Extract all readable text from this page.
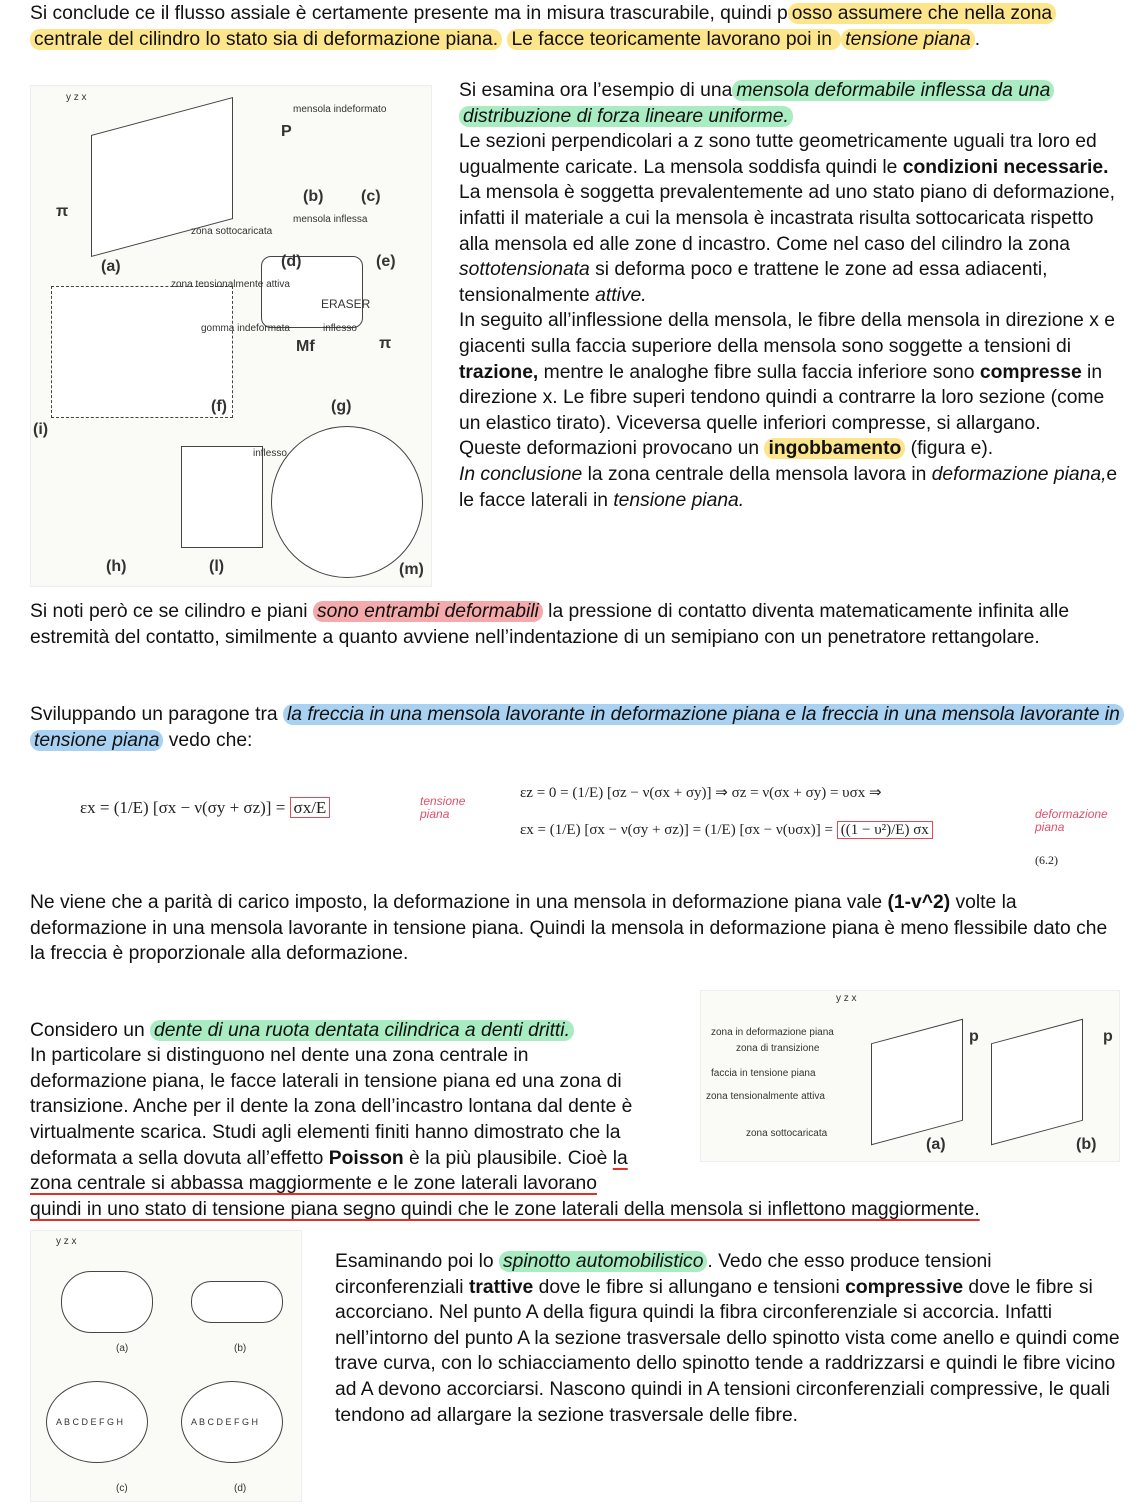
Si conclude ce il flusso assiale è certamente presente ma in misura trascurabile, quindi p osso assumere che nella zona centrale del cilindro lo stato sia di deformazione piana. Le facce teoricamente lavorano poi in tensione piana .
y z x
mensola indeformato
mensola inflessa
zona sottocaricata
zona tensionalmente attiva
gomma indeformata	inflesso
inflesso
ERASER
π
π
P
Mf
(a)
(b) (c)
(d)	(e)
(f)	(g)
(h)
(i)
(l)	(m)
Si esamina ora l’esempio di una mensola deformabile inflessa da una distribuzione di forza lineare uniforme.
Le sezioni perpendicolari a z sono tutte geometricamente uguali tra loro ed ugualmente caricate. La mensola soddisfa quindi le condizioni necessarie.
La mensola è soggetta prevalentemente ad uno stato piano di deformazione, infatti il materiale a cui la mensola è incastrata risulta sottocaricata rispetto alla mensola ed alle zone d incastro. Come nel caso del cilindro la zona sottotensionata si deforma poco e trattene le zone ad essa adiacenti, tensionalmente attive.
In seguito all’inflessione della mensola, le fibre della mensola in direzione x e giacenti sulla faccia superiore della mensola sono soggette a tensioni di trazione, mentre le analoghe fibre sulla faccia inferiore sono compresse in direzione x. Le fibre superi tendono quindi a contrarre la loro sezione (come un elastico tirato). Viceversa quelle inferiori compresse, si allargano.
Queste deformazioni provocano un ingobbamento (figura e).
In conclusione la zona centrale della mensola lavora in deformazione piana,e le facce laterali in tensione piana.
Si noti però ce se cilindro e piani sono entrambi deformabili la pressione di contatto diventa matematicamente infinita alle estremità del contatto, similmente a quanto avviene nell’indentazione di un semipiano con un penetratore rettangolare.
Sviluppando un paragone tra la freccia in una mensola lavorante in deformazione piana e la freccia in una mensola lavorante in tensione piana vedo che:
εx = (1/E) [σx − ν(σy + σz)] = σx/E	tensione
piana
εz = 0 = (1/E) [σz − ν(σx + σy)] ⇒ σz = ν(σx + σy) = υσx ⇒
εx = (1/E) [σx − ν(σy + σz)] = (1/E) [σx − ν(υσx)] = ((1 − υ²)/E) σx
deformazione
piana
(6.2)
Ne viene che a parità di carico imposto, la deformazione in una mensola in deformazione piana vale (1-v^2) volte la deformazione in una mensola lavorante in tensione piana. Quindi la mensola in deformazione piana è meno flessibile dato che la freccia è proporzionale alla deformazione.
y z x
zona in deformazione piana
zona di transizione
faccia in tensione piana
zona tensionalmente attiva
zona sottocaricata
p	p
(a)	(b)

Considero un dente di una ruota dentata cilindrica a denti dritti.
In particolare si distinguono nel dente una zona centrale in deformazione piana, le facce laterali in tensione piana ed una zona di transizione. Anche per il dente la zona dell’incastro lontana dal dente è virtualmente scarica. Studi agli elementi finiti hanno dimostrato che la deformata a sella dovuta all’effetto Poisson è la più plausibile. Cioè la zona centrale si abbassa maggiormente e le zone laterali lavorano quindi in uno stato di tensione piana segno quindi che le zone laterali della mensola si inflettono maggiormente.

y z x
A B C D E F G H	A B C D E F G H
(a)	(b)
(c)	(d)
Esaminando poi lo spinotto automobilistico . Vedo che esso produce tensioni circonferenziali trattive dove le fibre si allungano e tensioni compressive dove le fibre si accorciano. Nel punto A della figura quindi la fibra circonferenziale si accorcia. Infatti nell’intorno del punto A la sezione trasversale dello spinotto vista come anello e quindi come trave curva, con lo schiacciamento dello spinotto tende a raddrizzarsi e quindi le fibre vicino ad A devono accorciarsi. Nascono quindi in A tensioni circonferenziali compressive, le quali tendono ad allargare la sezione trasversale delle fibre.
